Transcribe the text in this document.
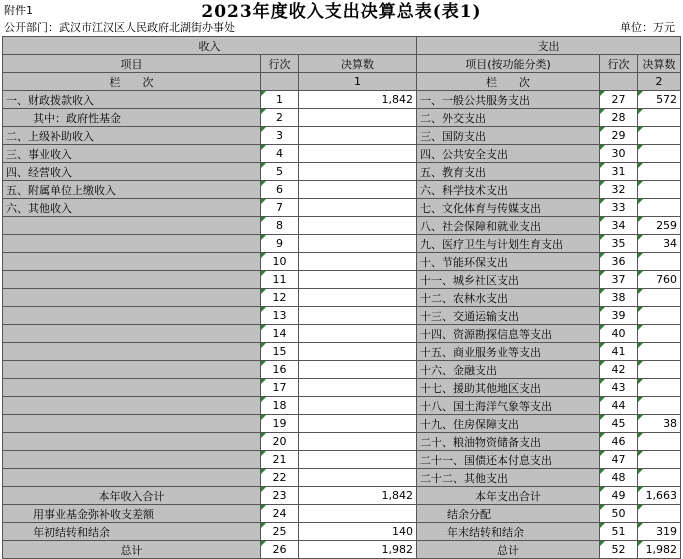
附件1	2023年度收入支出决算总表(表1)
公开部门：武汉市江汉区人民政府北湖街办事处	单位：万元
收入			支出		
项目	行次	决算数	项目(按功能分类)	行次	决算数
栏　　次		1	栏　　次		2
一、财政拨款收入	1	1,842	一、一般公共服务支出	27	572
其中：政府性基金	2		二、外交支出	28	
二、上级补助收入	3		三、国防支出	29	
三、事业收入	4		四、公共安全支出	30	
四、经营收入	5		五、教育支出	31	
五、附属单位上缴收入	6		六、科学技术支出	32	
六、其他收入	7		七、文化体育与传媒支出	33	
	8		八、社会保障和就业支出	34	259
	9		九、医疗卫生与计划生育支出	35	34
	10		十、节能环保支出	36	
	11		十一、城乡社区支出	37	760
	12		十二、农林水支出	38	
	13		十三、交通运输支出	39	
	14		十四、资源勘探信息等支出	40	
	15		十五、商业服务业等支出	41	
	16		十六、金融支出	42	
	17		十七、援助其他地区支出	43	
	18		十八、国土海洋气象等支出	44	
	19		十九、住房保障支出	45	38
	20		二十、粮油物资储备支出	46	
	21		二十一、国债还本付息支出	47	
	22		二十二、其他支出	48	
本年收入合计	23	1,842	本年支出合计	49	1,663
用事业基金弥补收支差额	24		结余分配	50	
年初结转和结余	25	140	年末结转和结余	51	319
总计	26	1,982	总计	52	1,982
